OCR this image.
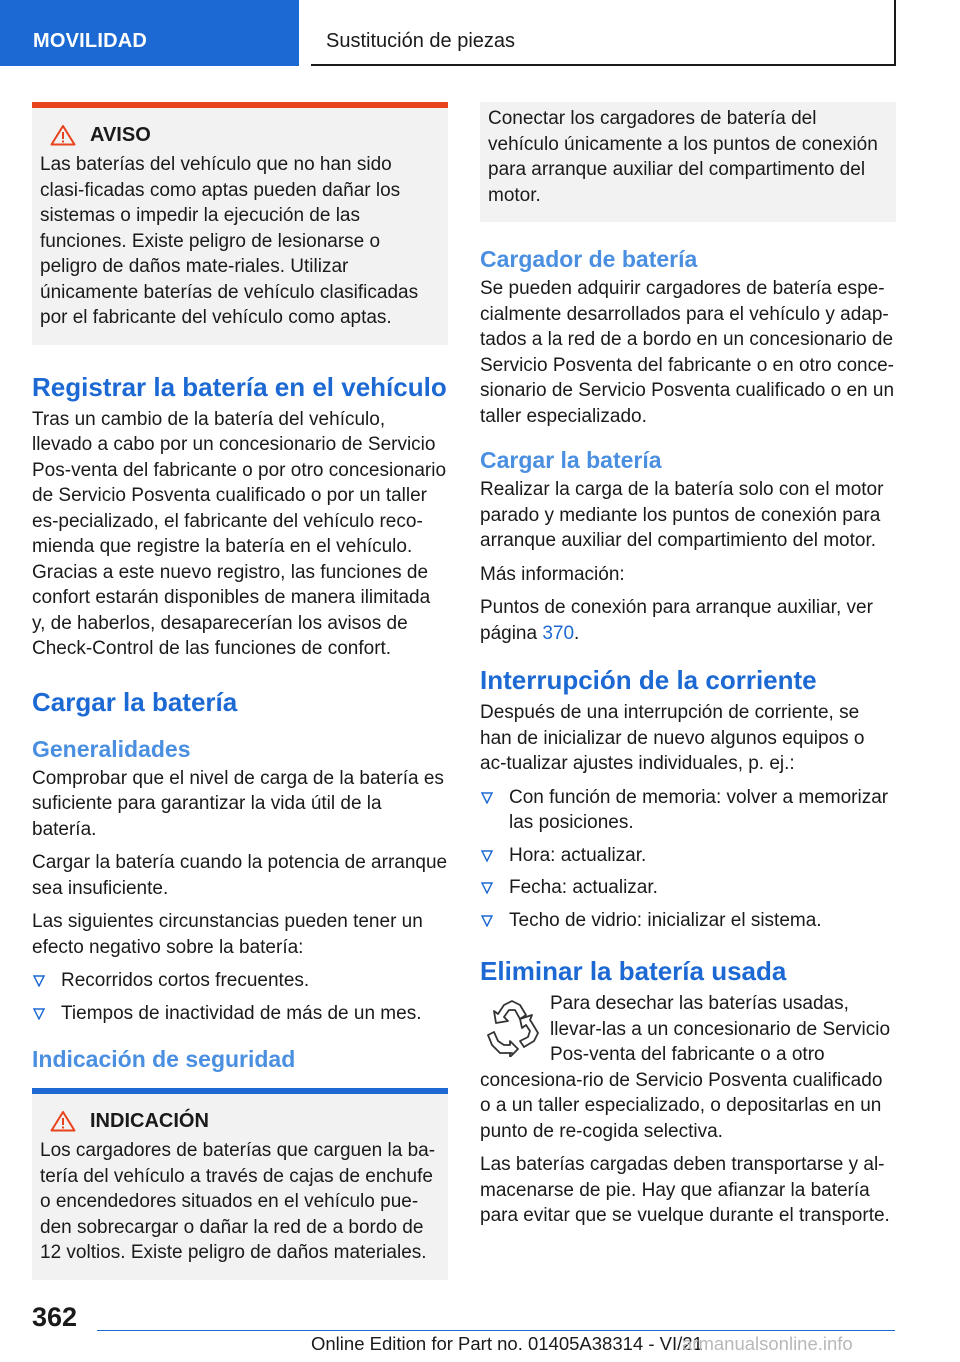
MOVILIDAD	Sustitución de piezas
AVISO

Las baterías del vehículo que no han sido clasi-ficadas como aptas pueden dañar los sistemas o impedir la ejecución de las funciones. Existe peligro de lesionarse o peligro de daños mate-riales. Utilizar únicamente baterías de vehículo clasificadas por el fabricante del vehículo como aptas.

Registrar la batería en el vehículo

Tras un cambio de la batería del vehículo, llevado a cabo por un concesionario de Servicio Pos-venta del fabricante o por otro concesionario de Servicio Posventa cualificado o por un taller es-pecializado, el fabricante del vehículo reco-mienda que registre la batería en el vehículo. Gracias a este nuevo registro, las funciones de confort estarán disponibles de manera ilimitada y, de haberlos, desaparecerían los avisos de Check-Control de las funciones de confort.

Cargar la batería
Generalidades

Comprobar que el nivel de carga de la batería es suficiente para garantizar la vida útil de la batería.

Cargar la batería cuando la potencia de arranque sea insuficiente.

Las siguientes circunstancias pueden tener un efecto negativo sobre la batería:

Recorridos cortos frecuentes.
Tiempos de inactividad de más de un mes.
Indicación de seguridad
INDICACIÓN

Los cargadores de baterías que carguen la ba-tería del vehículo a través de cajas de enchufe o encendedores situados en el vehículo pue-den sobrecargar o dañar la red de a bordo de 12 voltios. Existe peligro de daños materiales.

Conectar los cargadores de batería del vehículo únicamente a los puntos de conexión para arranque auxiliar del compartimento del motor.

Cargador de batería

Se pueden adquirir cargadores de batería espe-cialmente desarrollados para el vehículo y adap-tados a la red de a bordo en un concesionario de Servicio Posventa del fabricante o en otro conce-sionario de Servicio Posventa cualificado o en un taller especializado.

Cargar la batería

Realizar la carga de la batería solo con el motor parado y mediante los puntos de conexión para arranque auxiliar del compartimiento del motor.

Más información:

Puntos de conexión para arranque auxiliar, ver página 370.

Interrupción de la corriente

Después de una interrupción de corriente, se han de inicializar de nuevo algunos equipos o ac-tualizar ajustes individuales, p. ej.:

Con función de memoria: volver a memorizar las posiciones.
Hora: actualizar.
Fecha: actualizar.
Techo de vidrio: inicializar el sistema.
Eliminar la batería usada

Para desechar las baterías usadas, llevar-las a un concesionario de Servicio Pos-venta del fabricante o a otro concesiona-rio de Servicio Posventa cualificado o a un taller especializado, o depositarlas en un punto de re-cogida selectiva.

Las baterías cargadas deben transportarse y al-macenarse de pie. Hay que afianzar la batería para evitar que se vuelque durante el transporte.

362
Online Edition for Part no. 01405A38314 - VI/21
armanualsonline.info
